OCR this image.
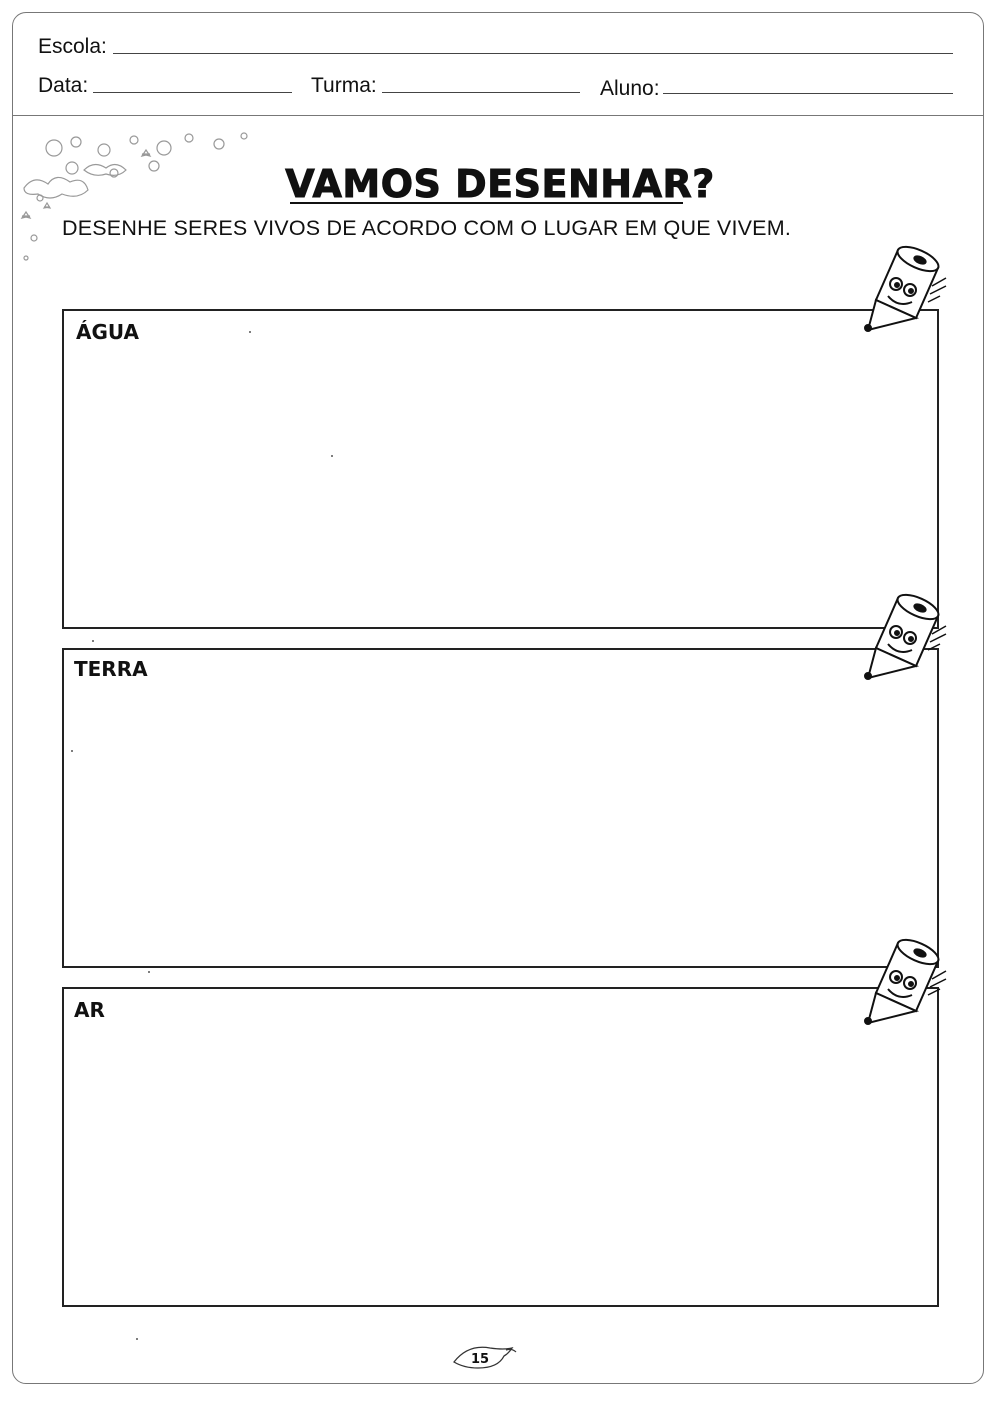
Escola:
Data:	Turma:	Aluno:
VAMOS DESENHAR?
DESENHE SERES VIVOS DE ACORDO COM O LUGAR EM QUE VIVEM.
ÁGUA
TERRA
AR
15
